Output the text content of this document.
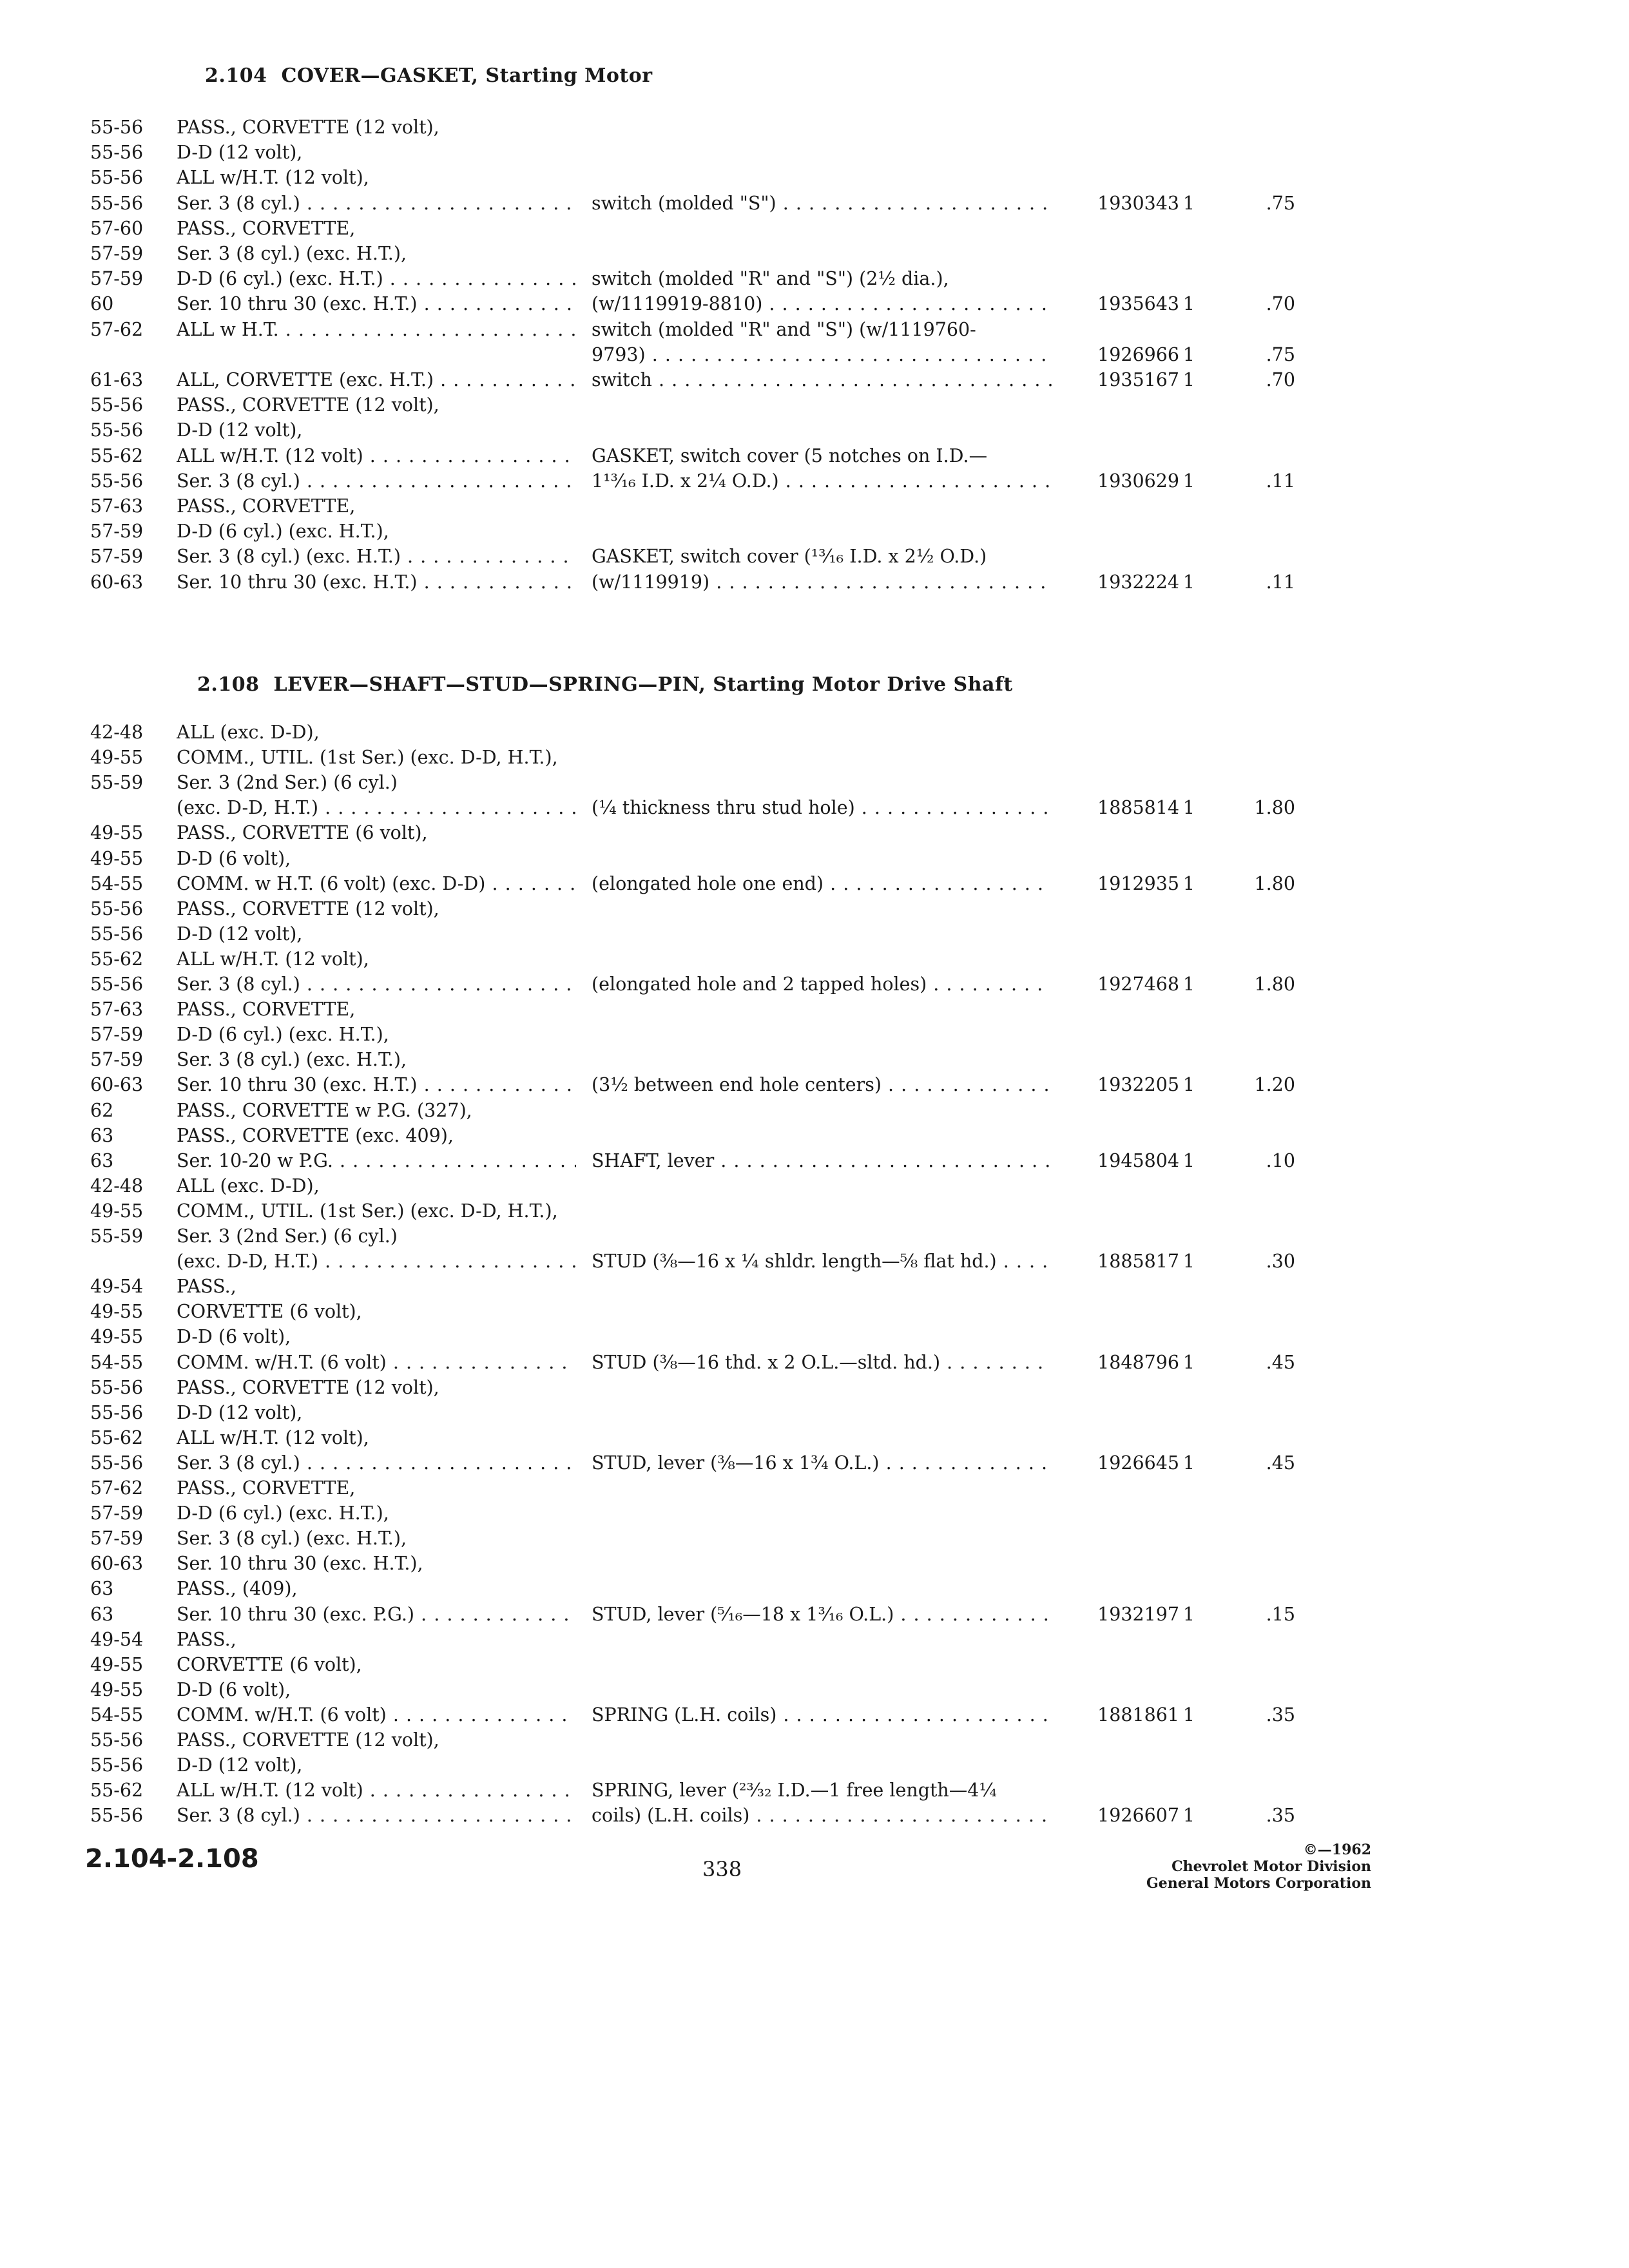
2.104 COVER—GASKET, Starting Motor
55-56	PASS., CORVETTE (12 volt),
55-56	D-D (12 volt),
55-56	ALL w/H.T. (12 volt),
55-56	Ser. 3 (8 cyl.) . . .	switch (molded "S") . . .	1930343 1	.75
57-60	PASS., CORVETTE,
57-59	Ser. 3 (8 cyl.) (exc. H.T.),
57-59	D-D (6 cyl.) (exc. H.T.) . . .	switch (molded "R" and "S") (2½ dia.),
60	Ser. 10 thru 30 (exc. H.T.) . . .	(w/1119919-8810) . . .	1935643 1	.70
57-62	ALL w H.T. . . .	switch (molded "R" and "S") (w/1119760-
9793) . . .	1926966 1	.75
61-63	ALL, CORVETTE (exc. H.T.) . . .	switch . . .	1935167 1	.70
55-56	PASS., CORVETTE (12 volt),
55-56	D-D (12 volt),
55-62	ALL w/H.T. (12 volt) . . .	GASKET, switch cover (5 notches on I.D.—
55-56	Ser. 3 (8 cyl.) . . .	1¹³⁄₁₆ I.D. x 2¼ O.D.) . . .	1930629 1	.11
57-63	PASS., CORVETTE,
57-59	D-D (6 cyl.) (exc. H.T.),
57-59	Ser. 3 (8 cyl.) (exc. H.T.) . . .	GASKET, switch cover (¹³⁄₁₆ I.D. x 2½ O.D.)
60-63	Ser. 10 thru 30 (exc. H.T.) . . .	(w/1119919) . . .	1932224 1	.11
2.108 LEVER—SHAFT—STUD—SPRING—PIN, Starting Motor Drive Shaft
42-48	ALL (exc. D-D),
49-55	COMM., UTIL. (1st Ser.) (exc. D-D, H.T.),
55-59	Ser. 3 (2nd Ser.) (6 cyl.)
(exc. D-D, H.T.) . . .	(¼ thickness thru stud hole) . . .	1885814 1	1.80
49-55	PASS., CORVETTE (6 volt),
49-55	D-D (6 volt),
54-55	COMM. w H.T. (6 volt) (exc. D-D) . . .	(elongated hole one end) . . .	1912935 1	1.80
55-56	PASS., CORVETTE (12 volt),
55-56	D-D (12 volt),
55-62	ALL w/H.T. (12 volt),
55-56	Ser. 3 (8 cyl.) . . .	(elongated hole and 2 tapped holes) . . .	1927468 1	1.80
57-63	PASS., CORVETTE,
57-59	D-D (6 cyl.) (exc. H.T.),
57-59	Ser. 3 (8 cyl.) (exc. H.T.),
60-63	Ser. 10 thru 30 (exc. H.T.) . . .	(3½ between end hole centers) . . .	1932205 1	1.20
62	PASS., CORVETTE w P.G. (327),
63	PASS., CORVETTE (exc. 409),
63	Ser. 10-20 w P.G. . . .	SHAFT, lever . . .	1945804 1	.10
42-48	ALL (exc. D-D),
49-55	COMM., UTIL. (1st Ser.) (exc. D-D, H.T.),
55-59	Ser. 3 (2nd Ser.) (6 cyl.)
(exc. D-D, H.T.) . . .	STUD (⅜—16 x ¼ shldr. length—⅝ flat hd.) . . .	1885817 1	.30
49-54	PASS.,
49-55	CORVETTE (6 volt),
49-55	D-D (6 volt),
54-55	COMM. w/H.T. (6 volt) . . .	STUD (⅜—16 thd. x 2 O.L.—sltd. hd.) . . .	1848796 1	.45
55-56	PASS., CORVETTE (12 volt),
55-56	D-D (12 volt),
55-62	ALL w/H.T. (12 volt),
55-56	Ser. 3 (8 cyl.) . . .	STUD, lever (⅜—16 x 1¾ O.L.) . . .	1926645 1	.45
57-62	PASS., CORVETTE,
57-59	D-D (6 cyl.) (exc. H.T.),
57-59	Ser. 3 (8 cyl.) (exc. H.T.),
60-63	Ser. 10 thru 30 (exc. H.T.),
63	PASS., (409),
63	Ser. 10 thru 30 (exc. P.G.) . . .	STUD, lever (⁵⁄₁₆—18 x 1³⁄₁₆ O.L.) . . .	1932197 1	.15
49-54	PASS.,
49-55	CORVETTE (6 volt),
49-55	D-D (6 volt),
54-55	COMM. w/H.T. (6 volt) . . .	SPRING (L.H. coils) . . .	1881861 1	.35
55-56	PASS., CORVETTE (12 volt),
55-56	D-D (12 volt),
55-62	ALL w/H.T. (12 volt) . . .	SPRING, lever (²³⁄₃₂ I.D.—1 free length—4¼
55-56	Ser. 3 (8 cyl.) . . .	coils) (L.H. coils) . . .	1926607 1	.35
2.104-2.108	338
©—1962
Chevrolet Motor Division
General Motors Corporation
